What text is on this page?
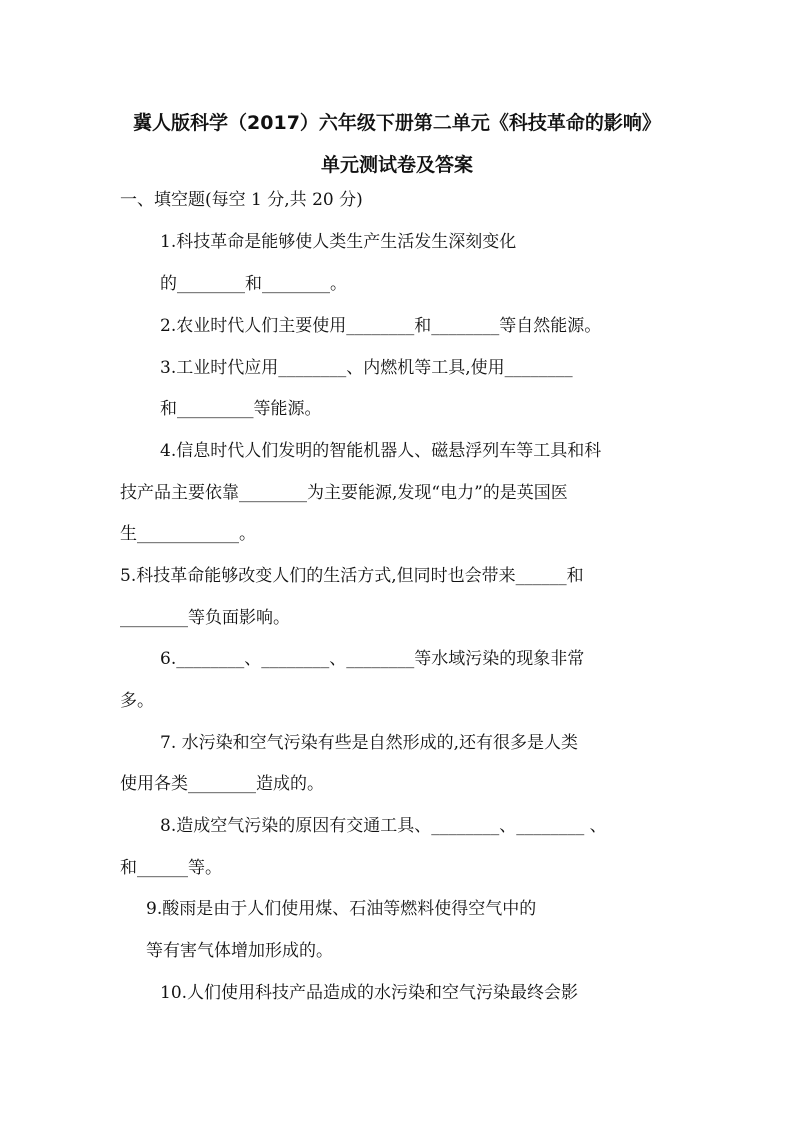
冀人版科学（2017）六年级下册第二单元《科技革命的影响》
单元测试卷及答案
一、填空题(每空 1 分,共 20 分)
1.科技革命是能够使人类生产生活发生深刻变化
的________和________。
2.农业时代人们主要使用________和________等自然能源。
3.工业时代应用________、内燃机等工具,使用________
和_________等能源。
4.信息时代人们发明的智能机器人、磁悬浮列车等工具和科
技产品主要依靠________为主要能源,发现“电力”的是英国医
生____________。
5.科技革命能够改变人们的生活方式,但同时也会带来______和
________等负面影响。
6.________、________、________等水域污染的现象非常
多。
7. 水污染和空气污染有些是自然形成的,还有很多是人类
使用各类________造成的。
8.造成空气污染的原因有交通工具、________、________ 、
和______等。
9.酸雨是由于人们使用煤、石油等燃料使得空气中的
等有害气体增加形成的。
10.人们使用科技产品造成的水污染和空气污染最终会影
